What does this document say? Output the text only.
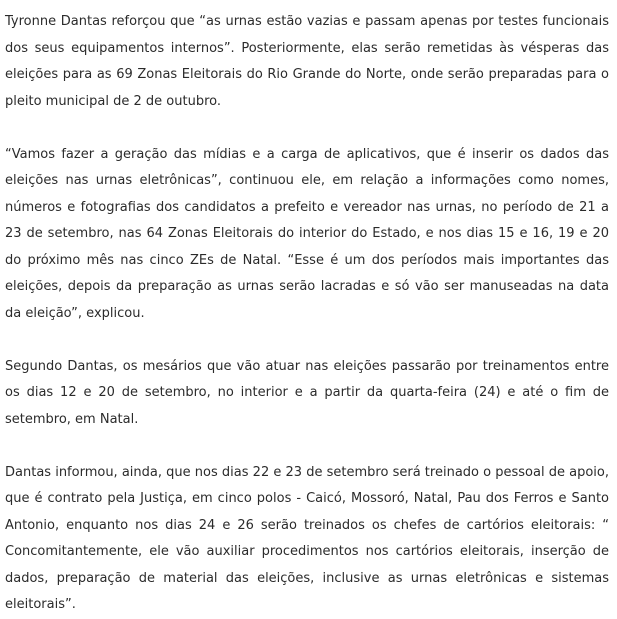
Tyronne Dantas reforçou que “as urnas estão vazias e passam apenas por testes funcionais dos seus equipamentos internos”. Posteriormente, elas serão remetidas às vésperas das eleições para as 69 Zonas Eleitorais do Rio Grande do Norte, onde serão preparadas para o pleito municipal de 2 de outubro.

“Vamos fazer a geração das mídias e a carga de aplicativos, que é inserir os dados das eleições nas urnas eletrônicas”, continuou ele, em relação a informações como nomes, números e fotografias dos candidatos a prefeito e vereador nas urnas, no período de 21 a 23 de setembro, nas 64 Zonas Eleitorais do interior do Estado, e nos dias 15 e 16, 19 e 20 do próximo mês nas cinco ZEs de Natal. “Esse é um dos períodos mais importantes das eleições, depois da preparação as urnas serão lacradas e só vão ser manuseadas na data da eleição”, explicou.

Segundo Dantas, os mesários que vão atuar nas eleições passarão por treinamentos entre os dias 12 e 20 de setembro, no interior e a partir da quarta-feira (24) e até o fim de setembro, em Natal.

Dantas informou, ainda, que nos dias 22 e 23 de setembro será treinado o pessoal de apoio, que é contrato pela Justiça, em cinco polos - Caicó, Mossoró, Natal, Pau dos Ferros e Santo Antonio, enquanto nos dias 24 e 26 serão treinados os chefes de cartórios eleitorais: “ Concomitantemente, ele vão auxiliar procedimentos nos cartórios eleitorais, inserção de dados, preparação de material das eleições, inclusive as urnas eletrônicas e sistemas eleitorais”.
